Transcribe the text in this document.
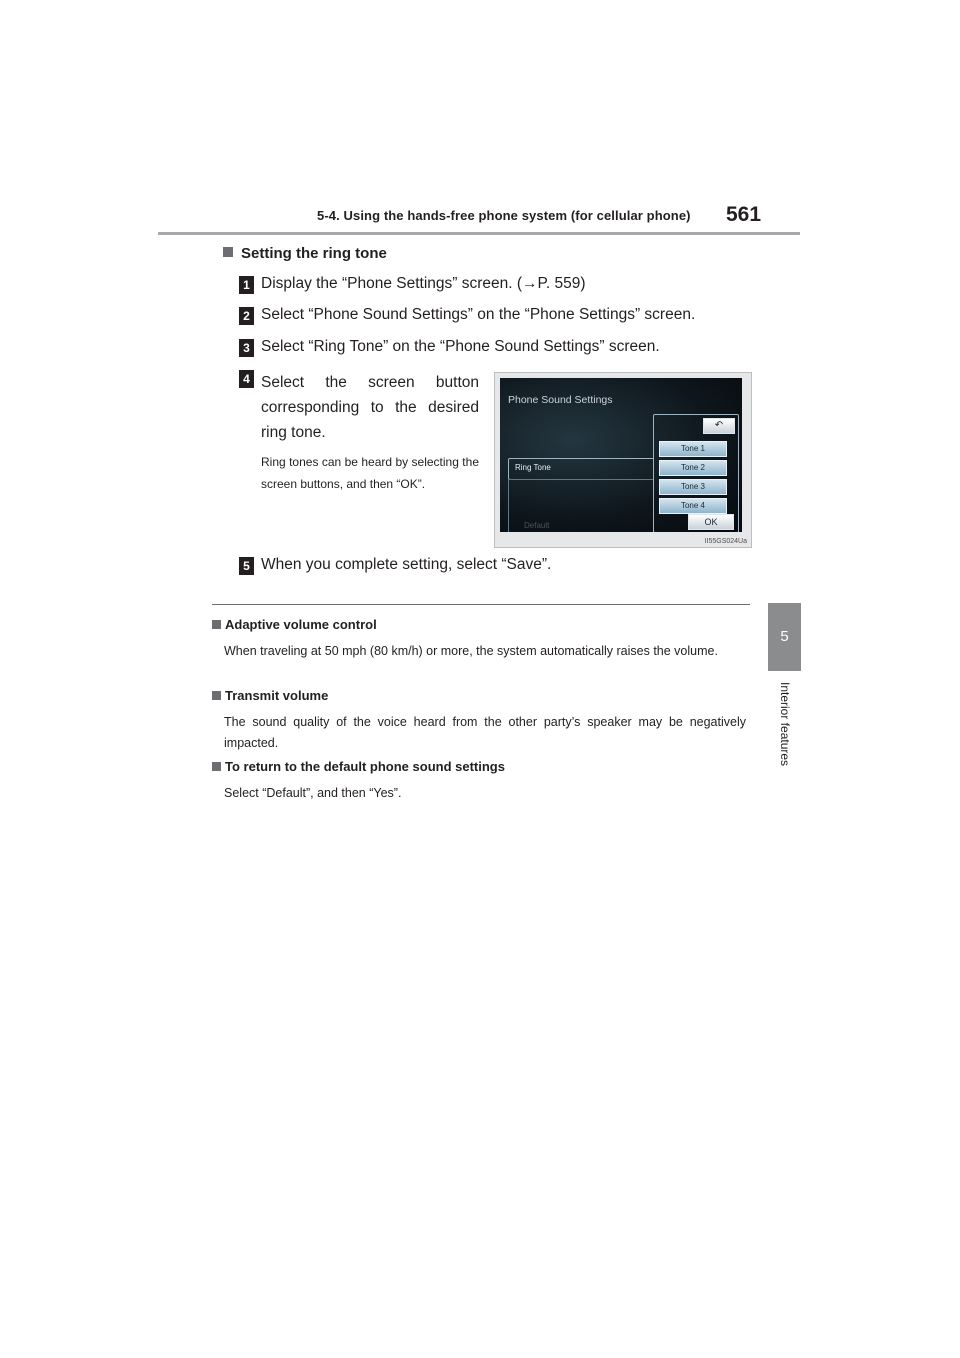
5-4. Using the hands-free phone system (for cellular phone) 561
5
Interior features
Setting the ring tone
1 Display the “Phone Settings” screen. (→P. 559)
2 Select “Phone Sound Settings” on the “Phone Settings” screen.
3 Select “Ring Tone” on the “Phone Sound Settings” screen.
4 Select the screen button corresponding to the desired ring tone.
Ring tones can be heard by selecting the screen buttons, and then “OK”.
5 When you complete setting, select “Save”.
Phone Sound Settings
Ring Tone
↶
Tone 1
Tone 2
Tone 3
Tone 4
OK
Default
II55GS024Ua
Adaptive volume control
When traveling at 50 mph (80 km/h) or more, the system automatically raises the volume.
Transmit volume
The sound quality of the voice heard from the other party’s speaker may be negatively impacted.
To return to the default phone sound settings
Select “Default”, and then “Yes”.
